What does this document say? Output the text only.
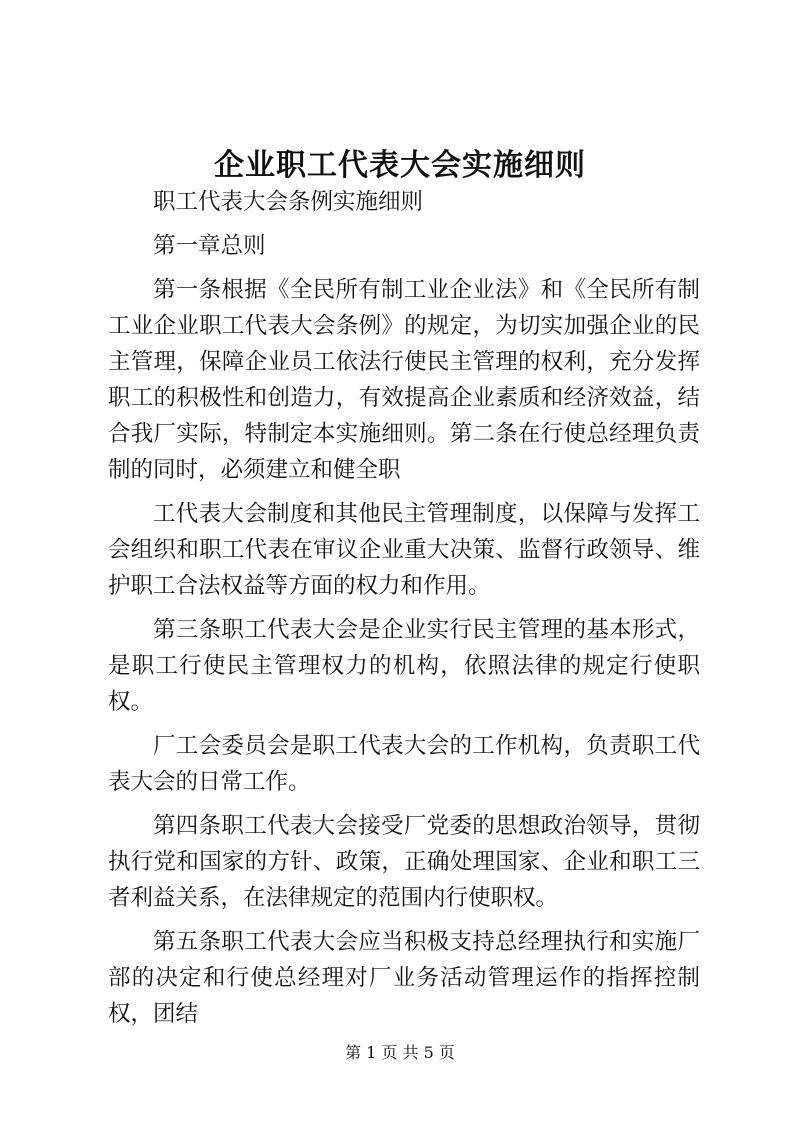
企业职工代表大会实施细则

职工代表大会条例实施细则

第一章总则

第一条根据《全民所有制工业企业法》和《全民所有制工业企业职工代表大会条例》的规定，为切实加强企业的民主管理，保障企业员工依法行使民主管理的权利，充分发挥职工的积极性和创造力，有效提高企业素质和经济效益，结合我厂实际，特制定本实施细则。第二条在行使总经理负责制的同时，必须建立和健全职

工代表大会制度和其他民主管理制度，以保障与发挥工会组织和职工代表在审议企业重大决策、监督行政领导、维护职工合法权益等方面的权力和作用。

第三条职工代表大会是企业实行民主管理的基本形式，是职工行使民主管理权力的机构，依照法律的规定行使职权。

厂工会委员会是职工代表大会的工作机构，负责职工代表大会的日常工作。

第四条职工代表大会接受厂党委的思想政治领导，贯彻执行党和国家的方针、政策，正确处理国家、企业和职工三者利益关系，在法律规定的范围内行使职权。

第五条职工代表大会应当积极支持总经理执行和实施厂部的决定和行使总经理对厂业务活动管理运作的指挥控制权，团结

第 1 页 共 5 页
